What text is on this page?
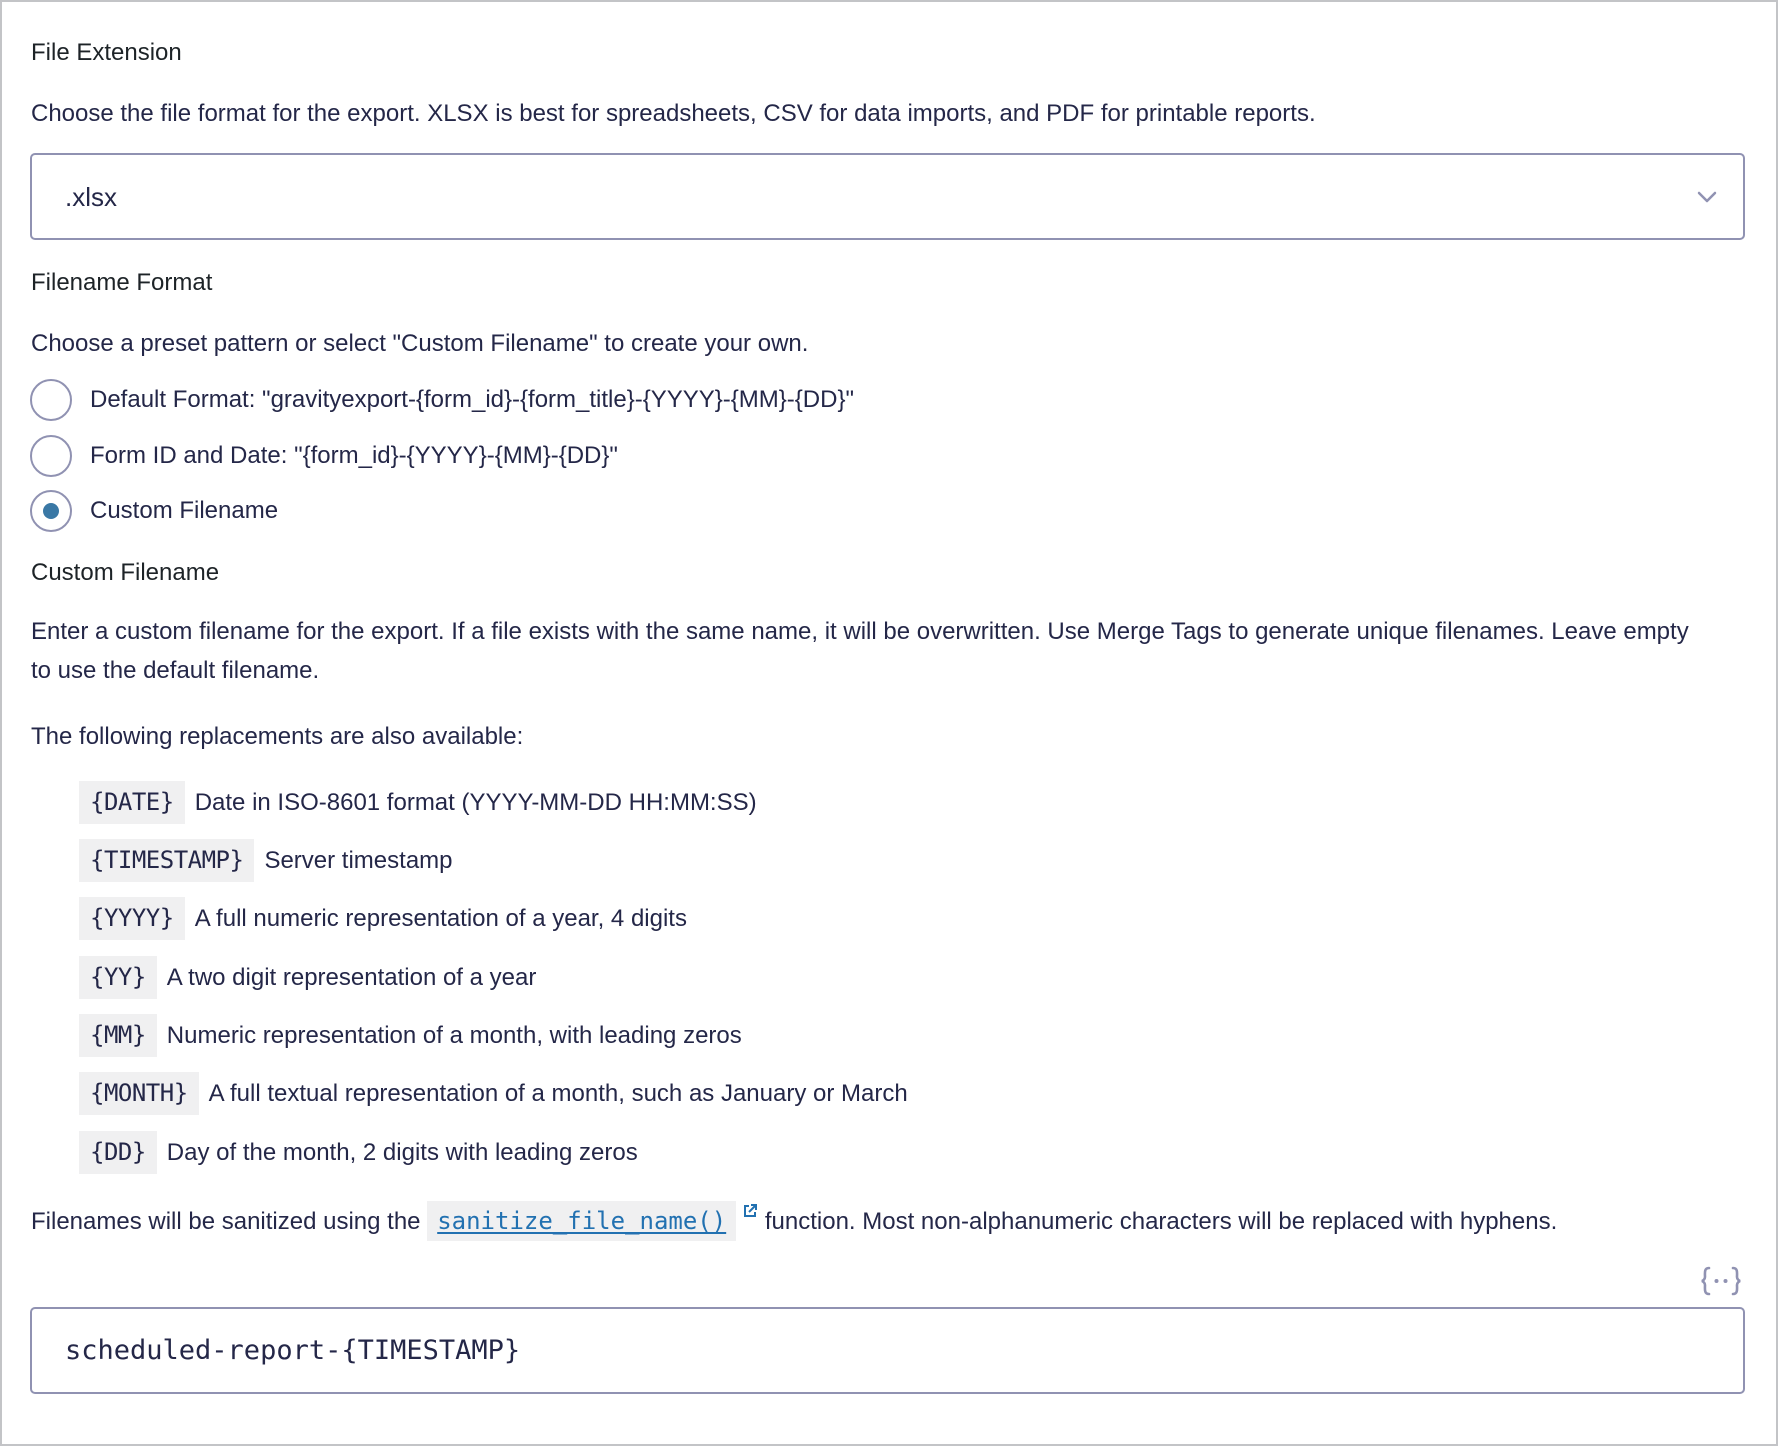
File Extension
Choose the file format for the export. XLSX is best for spreadsheets, CSV for data imports, and PDF for printable reports.
.xlsx
Filename Format
Choose a preset pattern or select "Custom Filename" to create your own.
Default Format: "gravityexport-{form_id}-{form_title}-{YYYY}-{MM}-{DD}"
Form ID and Date: "{form_id}-{YYYY}-{MM}-{DD}"
Custom Filename
Custom Filename
Enter a custom filename for the export. If a file exists with the same name, it will be overwritten. Use Merge Tags to generate unique filenames. Leave empty to use the default filename.
The following replacements are also available:
{DATE} Date in ISO-8601 format (YYYY-MM-DD HH:MM:SS)
{TIMESTAMP} Server timestamp
{YYYY} A full numeric representation of a year, 4 digits
{YY} A two digit representation of a year
{MM} Numeric representation of a month, with leading zeros
{MONTH} A full textual representation of a month, such as January or March
{DD} Day of the month, 2 digits with leading zeros
Filenames will be sanitized using the sanitize_file_name() function. Most non-alphanumeric characters will be replaced with hyphens.
scheduled-report-{TIMESTAMP}
